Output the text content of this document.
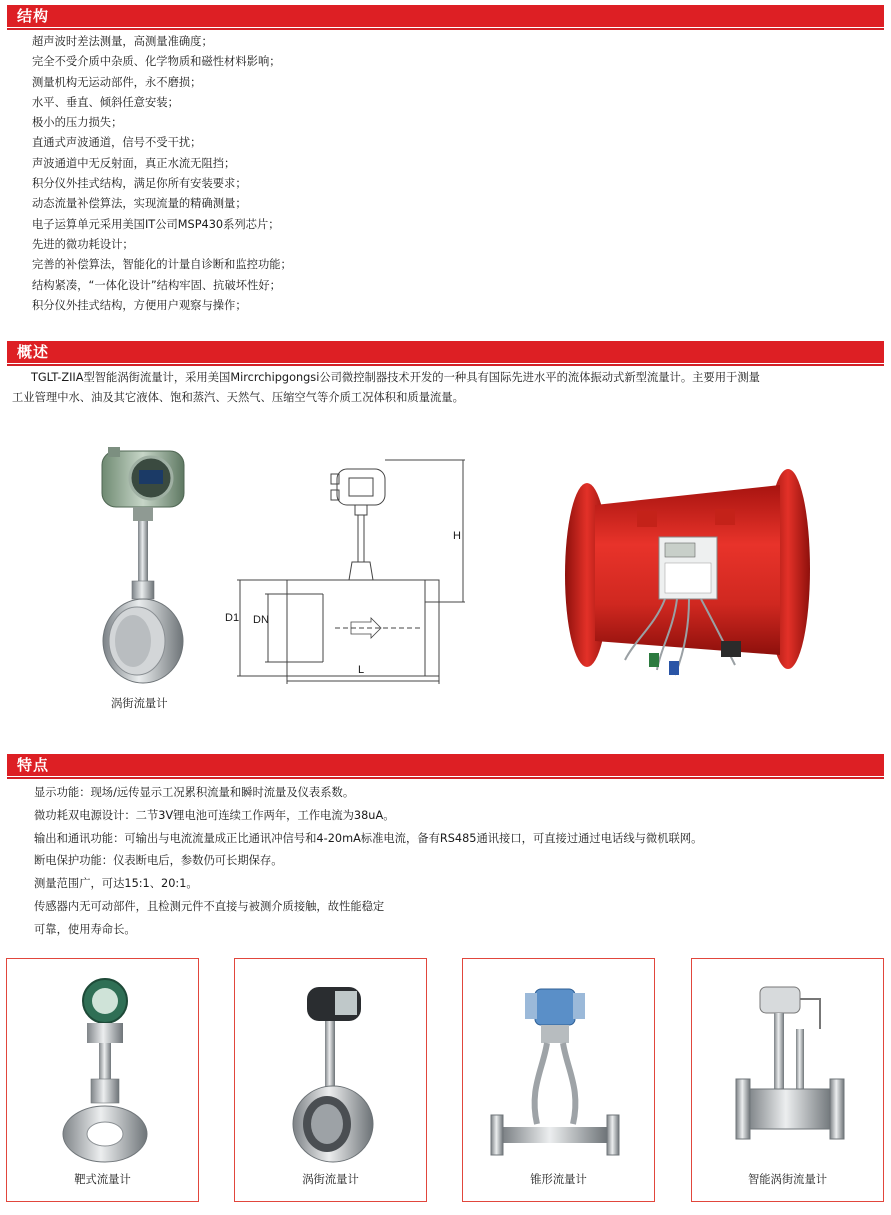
结构
超声波时差法测量，高测量准确度；
完全不受介质中杂质、化学物质和磁性材料影响；
测量机构无运动部件，永不磨损；
水平、垂直、倾斜任意安装；
极小的压力损失；
直通式声波通道，信号不受干扰；
声波通道中无反射面，真正水流无阻挡；
积分仪外挂式结构，满足你所有安装要求；
动态流量补偿算法，实现流量的精确测量；
电子运算单元采用美国IT公司MSP430系列芯片；
先进的微功耗设计；
完善的补偿算法，智能化的计量自诊断和监控功能；
结构紧凑，“一体化设计”结构牢固、抗破坏性好；
积分仪外挂式结构，方便用户观察与操作；
概述
TGLT-ZIIA型智能涡街流量计，采用美国Mircrchipgongsi公司微控制器技术开发的一种具有国际先进水平的流体振动式新型流量计。主要用于测量
工业管理中水、油及其它液体、饱和蒸汽、天然气、压缩空气等介质工况体积和质量流量。
涡街流量计
H
D1 DN
L
特点
显示功能：现场/远传显示工况累积流量和瞬时流量及仪表系数。
微功耗双电源设计：二节3V锂电池可连续工作两年，工作电流为38uA。
输出和通讯功能：可输出与电流流量成正比通讯冲信号和4-20mA标准电流，备有RS485通讯接口，可直接过通过电话线与微机联网。
断电保护功能：仪表断电后，参数仍可长期保存。
测量范围广，可达15:1、20:1。
传感器内无可动部件，且检测元件不直接与被测介质接触，故性能稳定
可靠，使用寿命长。
靶式流量计	涡街流量计	锥形流量计	智能涡街流量计
